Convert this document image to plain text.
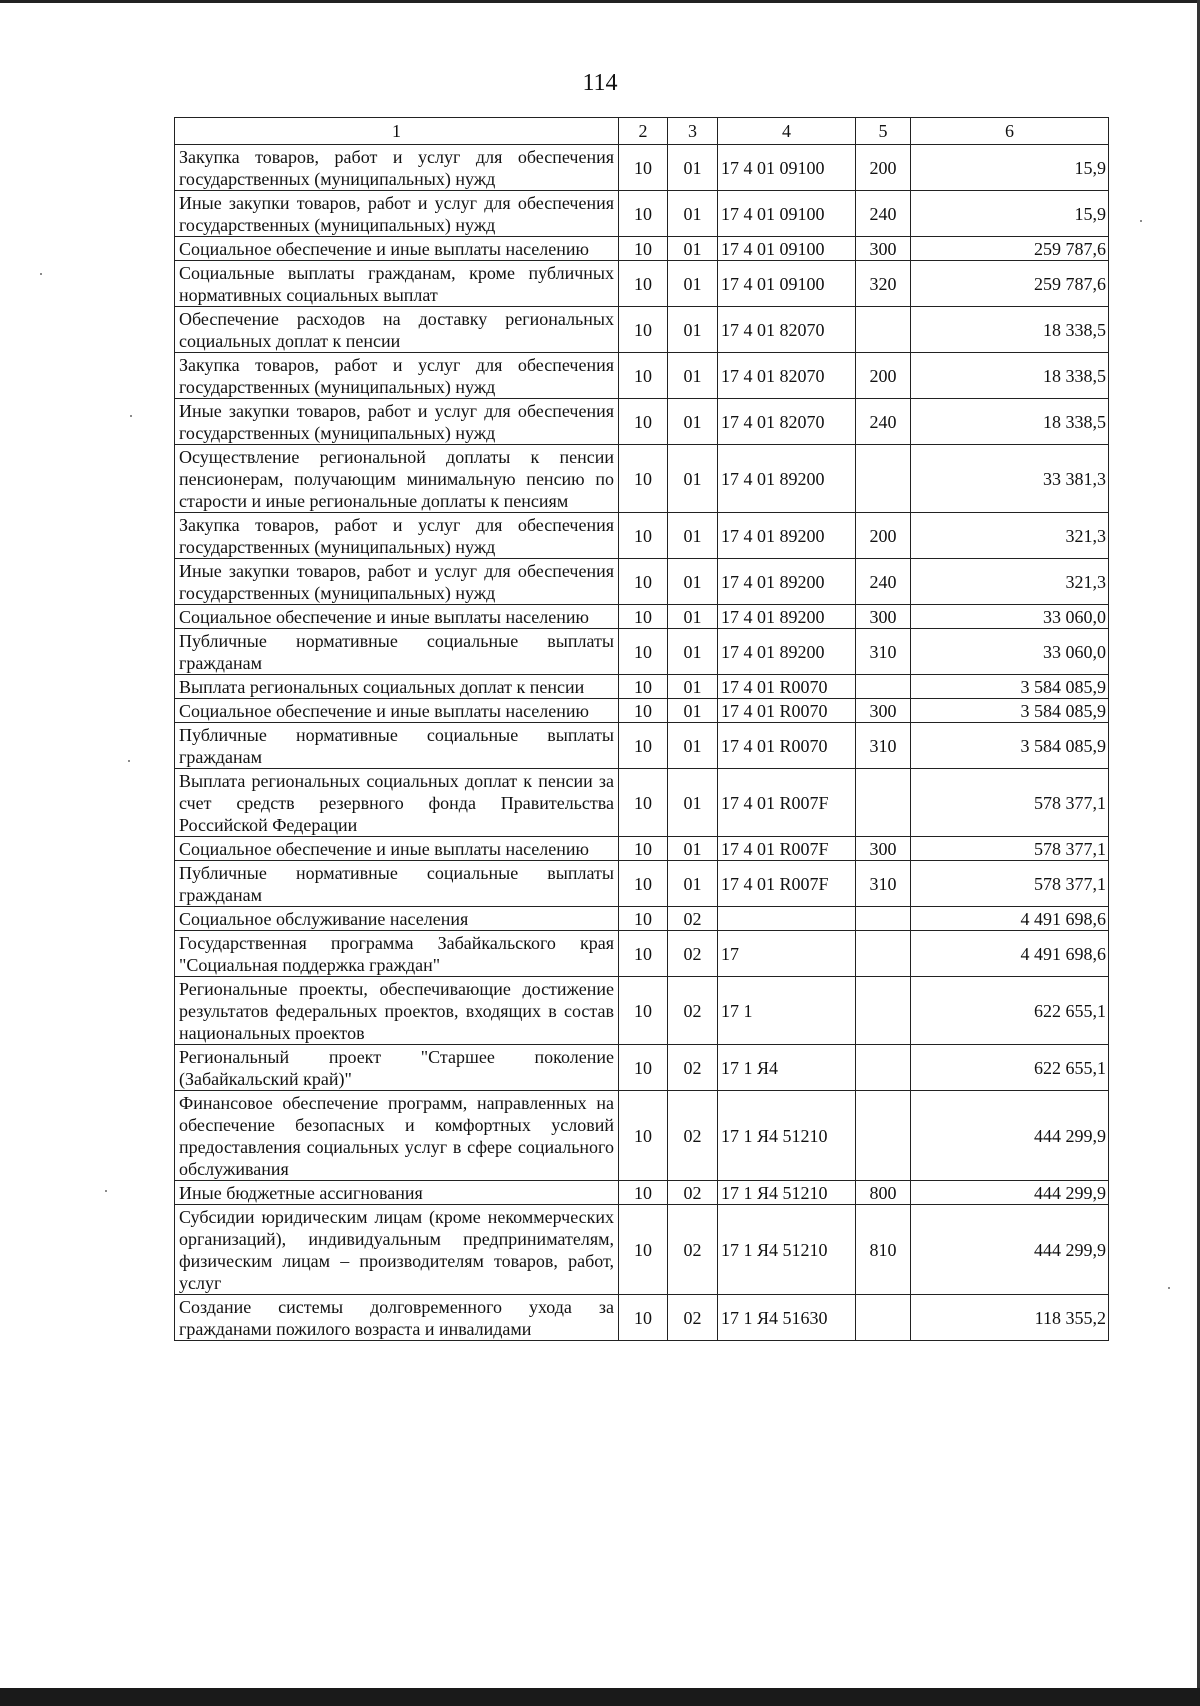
114
1	2	3	4	5	6
Закупка товаров, работ и услуг для обеспечения государственных (муниципальных) нужд	10	01	17 4 01 09100	200	15,9
Иные закупки товаров, работ и услуг для обеспечения государственных (муниципальных) нужд	10	01	17 4 01 09100	240	15,9
Социальное обеспечение и иные выплаты населению	10	01	17 4 01 09100	300	259 787,6
Социальные выплаты гражданам, кроме публичных нормативных социальных выплат	10	01	17 4 01 09100	320	259 787,6
Обеспечение расходов на доставку региональных социальных доплат к пенсии	10	01	17 4 01 82070		18 338,5
Закупка товаров, работ и услуг для обеспечения государственных (муниципальных) нужд	10	01	17 4 01 82070	200	18 338,5
Иные закупки товаров, работ и услуг для обеспечения государственных (муниципальных) нужд	10	01	17 4 01 82070	240	18 338,5
Осуществление региональной доплаты к пенсии пенсионерам, получающим минимальную пенсию по старости и иные региональные доплаты к пенсиям	10	01	17 4 01 89200		33 381,3
Закупка товаров, работ и услуг для обеспечения государственных (муниципальных) нужд	10	01	17 4 01 89200	200	321,3
Иные закупки товаров, работ и услуг для обеспечения государственных (муниципальных) нужд	10	01	17 4 01 89200	240	321,3
Социальное обеспечение и иные выплаты населению	10	01	17 4 01 89200	300	33 060,0
Публичные нормативные социальные выплаты гражданам	10	01	17 4 01 89200	310	33 060,0
Выплата региональных социальных доплат к пенсии	10	01	17 4 01 R0070		3 584 085,9
Социальное обеспечение и иные выплаты населению	10	01	17 4 01 R0070	300	3 584 085,9
Публичные нормативные социальные выплаты гражданам	10	01	17 4 01 R0070	310	3 584 085,9
Выплата региональных социальных доплат к пенсии за счет средств резервного фонда Правительства Российской Федерации	10	01	17 4 01 R007F		578 377,1
Социальное обеспечение и иные выплаты населению	10	01	17 4 01 R007F	300	578 377,1
Публичные нормативные социальные выплаты гражданам	10	01	17 4 01 R007F	310	578 377,1
Социальное обслуживание населения	10	02			4 491 698,6
Государственная программа Забайкальского края "Социальная поддержка граждан"	10	02	17		4 491 698,6
Региональные проекты, обеспечивающие достижение результатов федеральных проектов, входящих в состав национальных проектов	10	02	17 1		622 655,1
Региональный проект "Старшее поколение (Забайкальский край)"	10	02	17 1 Я4		622 655,1
Финансовое обеспечение программ, направленных на обеспечение безопасных и комфортных условий предоставления социальных услуг в сфере социального обслуживания	10	02	17 1 Я4 51210		444 299,9
Иные бюджетные ассигнования	10	02	17 1 Я4 51210	800	444 299,9
Субсидии юридическим лицам (кроме некоммерческих организаций), индивидуальным предпринимателям, физическим лицам – производителям товаров, работ, услуг	10	02	17 1 Я4 51210	810	444 299,9
Создание системы долговременного ухода за гражданами пожилого возраста и инвалидами	10	02	17 1 Я4 51630		118 355,2
